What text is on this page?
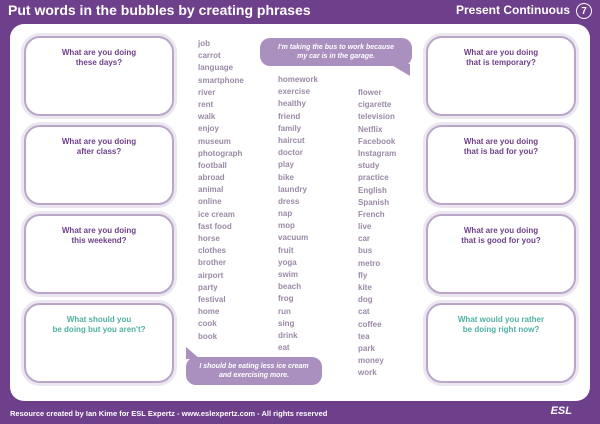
Put words in the bubbles by creating phrases	Present Continuous	7
What are you doing
these days?
What are you doing
after class?
What are you doing
this weekend?
What should you
be doing but you aren't?
What are you doing
that is temporary?
What are you doing
that is bad for you?
What are you doing
that is good for you?
What would you rather
be doing right now?
I'm taking the bus to work because
my car is in the garage.
I should be eating less ice cream
and exercising more.
job
carrot
language
smartphone
river
rent
walk
enjoy
museum
photograph
football
abroad
animal
online
ice cream
fast food
horse
clothes
brother
airport
party
festival
home
cook
book
homework
exercise
healthy
friend
family
haircut
doctor
play
bike
laundry
dress
nap
mop
vacuum
fruit
yoga
swim
beach
frog
run
sing
drink
eat
flower
cigarette
television
Netflix
Facebook
Instagram
study
practice
English
Spanish
French
live
car
bus
metro
fly
kite
dog
cat
coffee
tea
park
money
work
Resource created by Ian Kime for ESL Expertz - www.eslexpertz.com - All rights reserved	ESL
